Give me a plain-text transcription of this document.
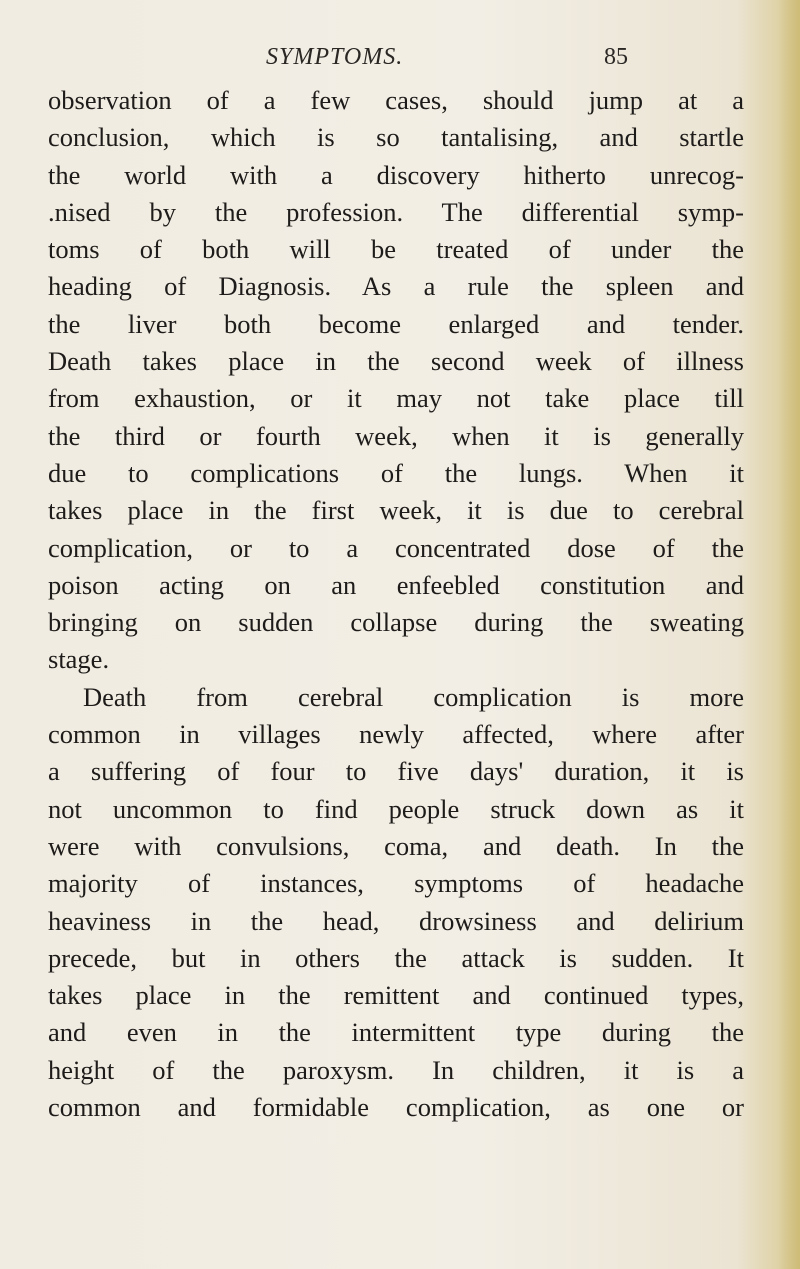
SYMPTOMS.	85
observation of a few cases, should jump at a
conclusion, which is so tantalising, and startle
the world with a discovery hitherto unrecog-
.nised by the profession. The differential symp-
toms of both will be treated of under the
heading of Diagnosis. As a rule the spleen and
the liver both become enlarged and tender.
Death takes place in the second week of illness
from exhaustion, or it may not take place till
the third or fourth week, when it is generally
due to complications of the lungs. When it
takes place in the first week, it is due to cerebral
complication, or to a concentrated dose of the
poison acting on an enfeebled constitution and
bringing on sudden collapse during the sweating
stage.
Death from cerebral complication is more
common in villages newly affected, where after
a suffering of four to five days' duration, it is
not uncommon to find people struck down as it
were with convulsions, coma, and death. In the
majority of instances, symptoms of headache
heaviness in the head, drowsiness and delirium
precede, but in others the attack is sudden. It
takes place in the remittent and continued types,
and even in the intermittent type during the
height of the paroxysm. In children, it is a
common and formidable complication, as one or
